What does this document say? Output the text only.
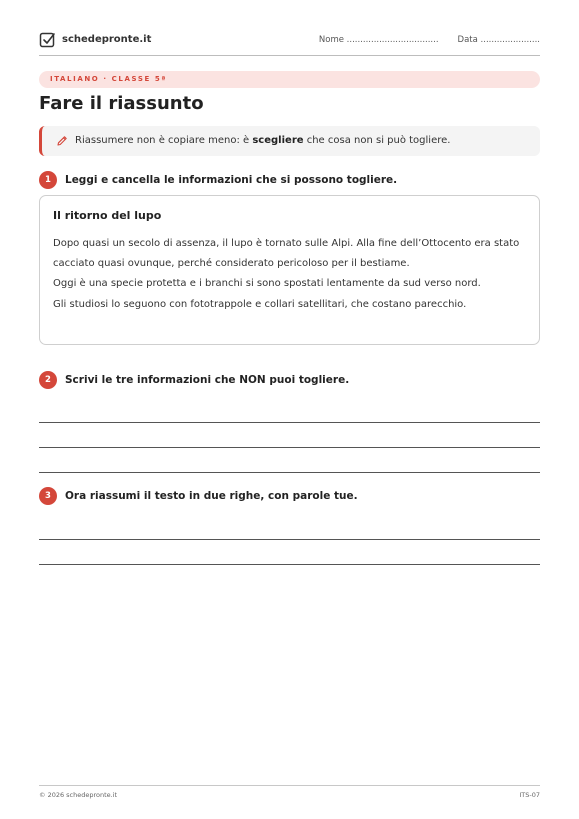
schedepronte.it	Nome .................................. Data ......................
ITALIANO · CLASSE 5ª
Fare il riassunto
Riassumere non è copiare meno: è scegliere che cosa non si può togliere.
1	Leggi e cancella le informazioni che si possono togliere.
Il ritorno del lupo

Dopo quasi un secolo di assenza, il lupo è tornato sulle Alpi. Alla fine dell’Ottocento era stato cacciato quasi ovunque, perché considerato pericoloso per il bestiame.

Oggi è una specie protetta e i branchi si sono spostati lentamente da sud verso nord.

Gli studiosi lo seguono con fototrappole e collari satellitari, che costano parecchio.

2	Scrivi le tre informazioni che NON puoi togliere.
3	Ora riassumi il testo in due righe, con parole tue.
© 2026 schedepronte.it	ITS-07
